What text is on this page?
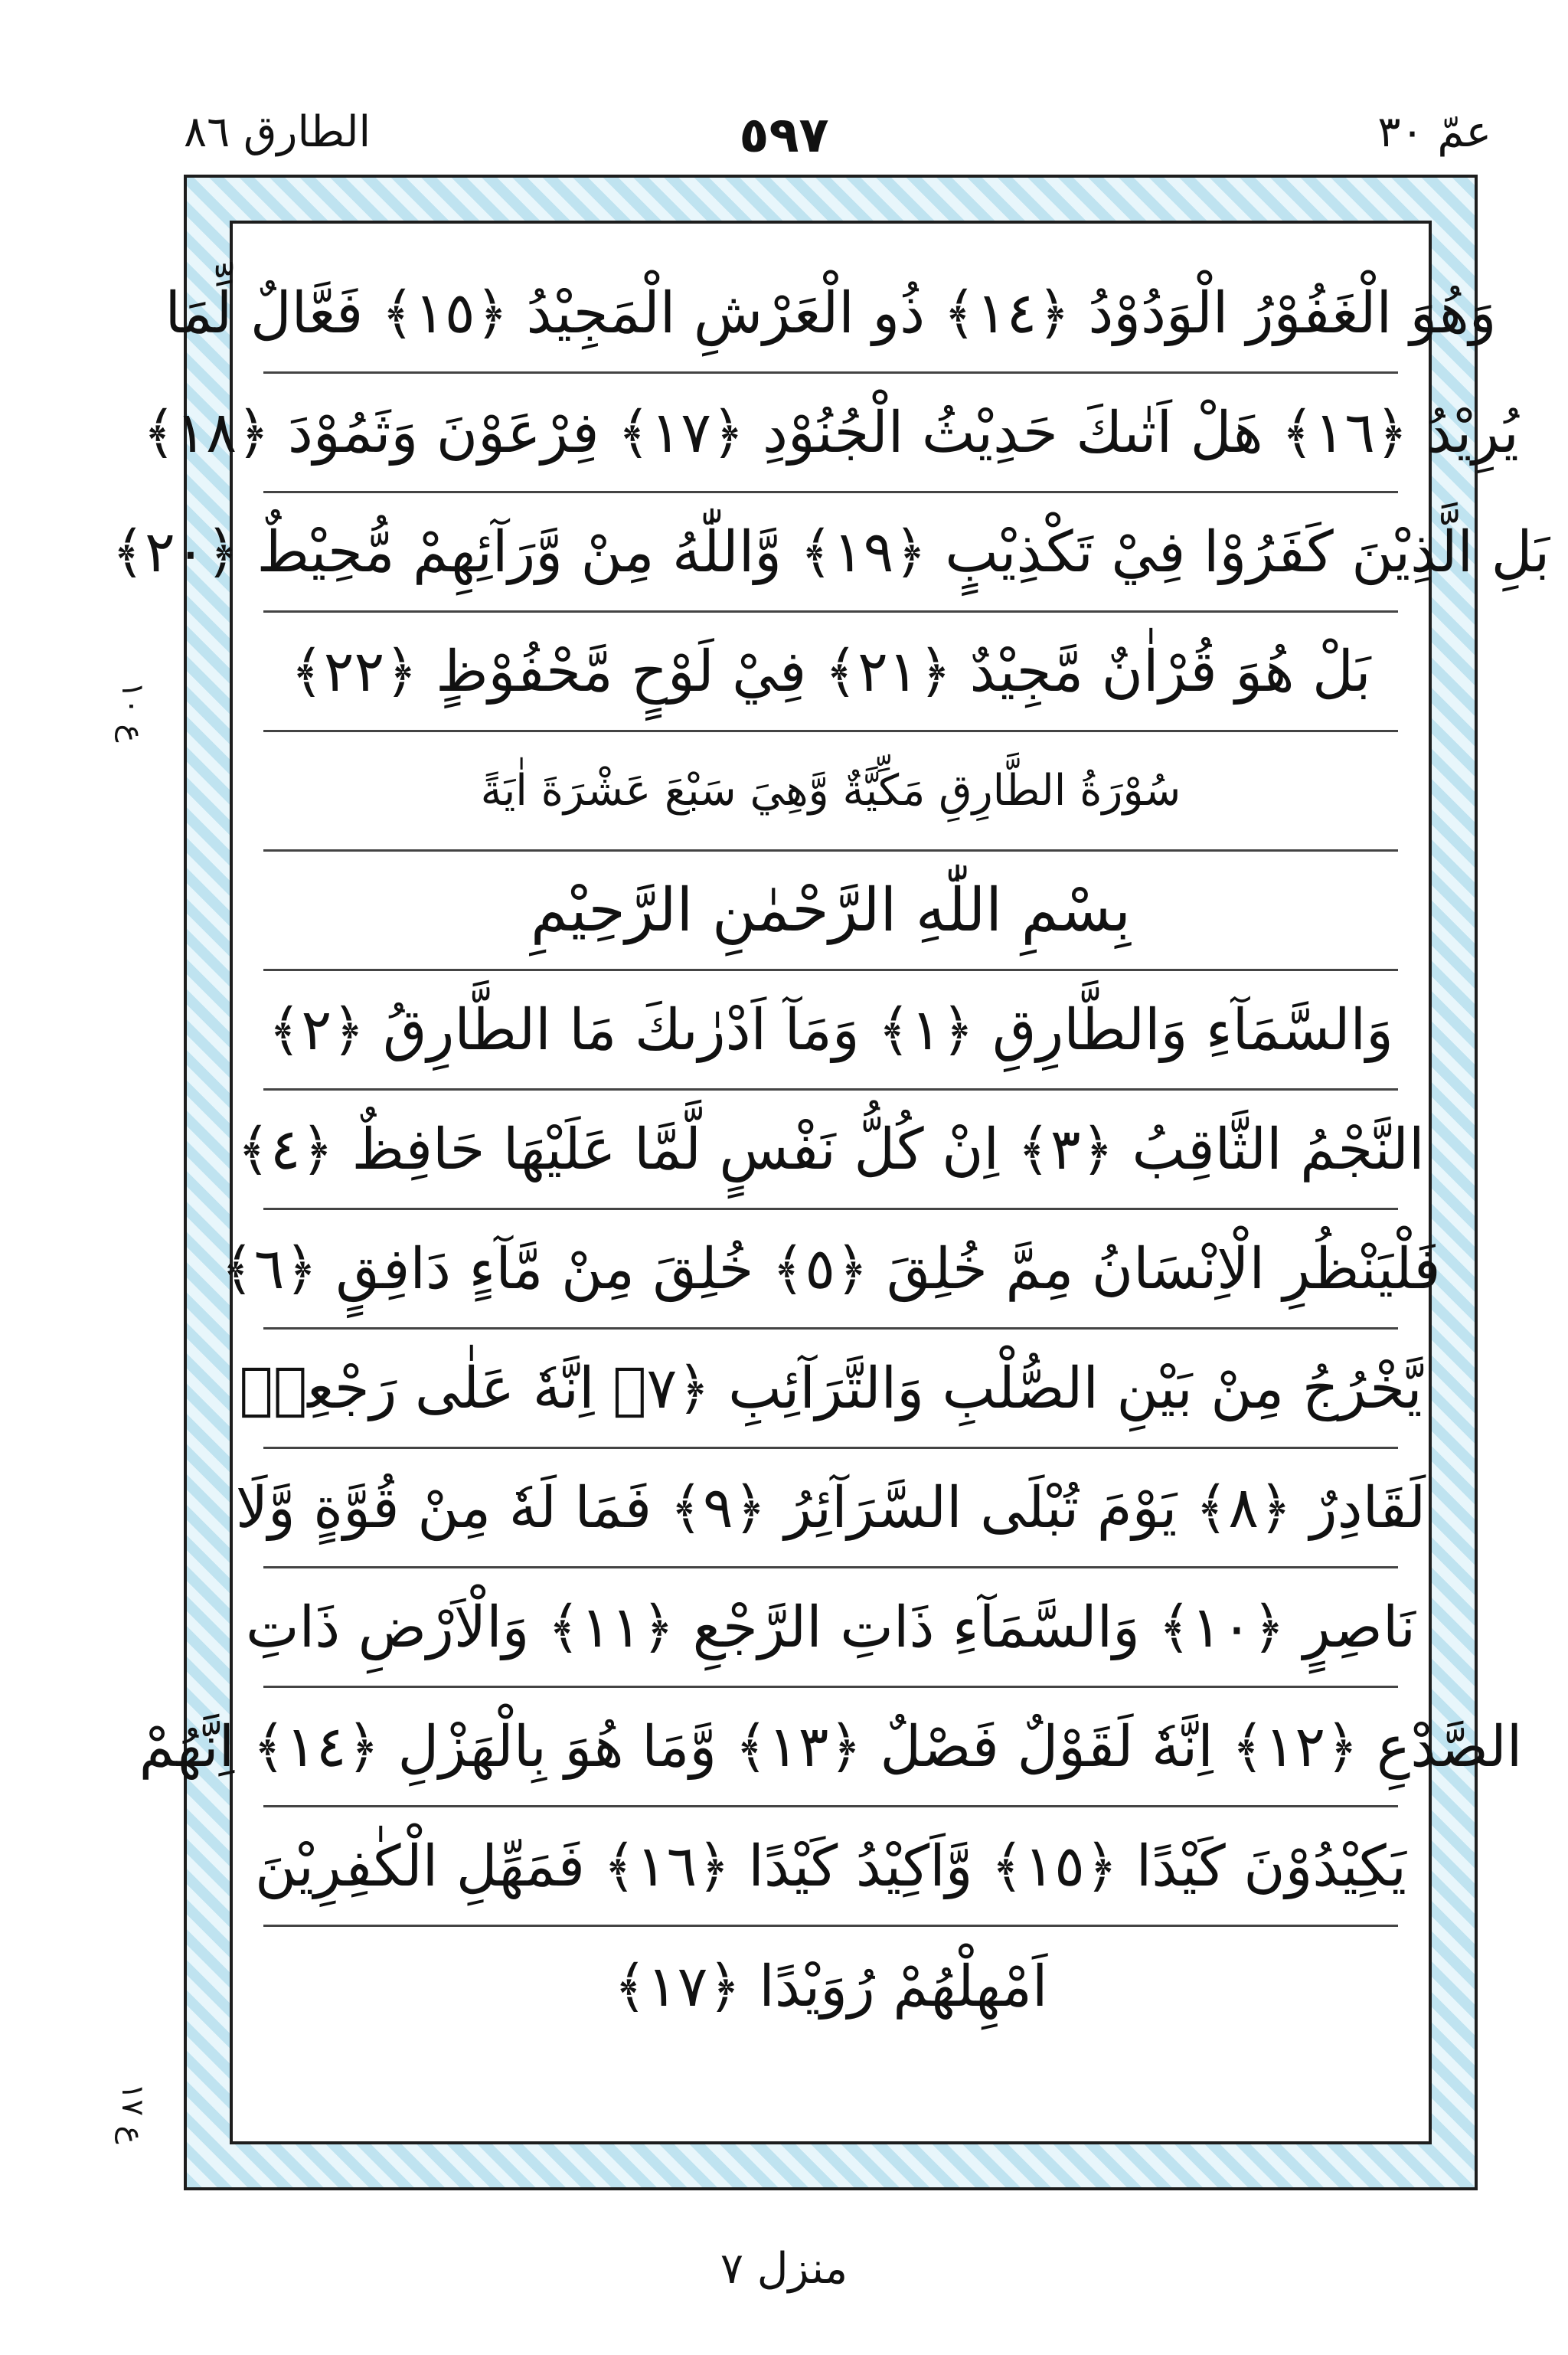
الطارق ٨٦	٥٩٧	عمّ ٣٠
ع ١٠
ع ١٧
وَهُوَ الْغَفُوْرُ الْوَدُوْدُ ﴿١٤﴾ ذُو الْعَرْشِ الْمَجِيْدُ ﴿١٥﴾ فَعَّالٌ لِّمَا
يُرِيْدُ ﴿١٦﴾ هَلْ اَتٰىكَ حَدِيْثُ الْجُنُوْدِ ﴿١٧﴾ فِرْعَوْنَ وَثَمُوْدَ ﴿١٨﴾
بَلِ الَّذِيْنَ كَفَرُوْا فِيْ تَكْذِيْبٍ ﴿١٩﴾ وَّاللّٰهُ مِنْ وَّرَآئِهِمْ مُّحِيْطٌ ﴿٢٠﴾
بَلْ هُوَ قُرْاٰنٌ مَّجِيْدٌ ﴿٢١﴾ فِيْ لَوْحٍ مَّحْفُوْظٍ ﴿٢٢﴾
سُوْرَةُ الطَّارِقِ مَكِّيَّةٌ وَّهِيَ سَبْعَ عَشْرَةَ اٰيَةً
بِسْمِ اللّٰهِ الرَّحْمٰنِ الرَّحِيْمِ
وَالسَّمَآءِ وَالطَّارِقِ ﴿١﴾ وَمَآ اَدْرٰىكَ مَا الطَّارِقُ ﴿٢﴾
النَّجْمُ الثَّاقِبُ ﴿٣﴾ اِنْ كُلُّ نَفْسٍ لَّمَّا عَلَيْهَا حَافِظٌ ﴿٤﴾
فَلْيَنْظُرِ الْاِنْسَانُ مِمَّ خُلِقَ ﴿٥﴾ خُلِقَ مِنْ مَّآءٍ دَافِقٍ ﴿٦﴾
يَّخْرُجُ مِنْ بَيْنِ الصُّلْبِ وَالتَّرَآئِبِ ﴿٧﴾ اِنَّهٗ عَلٰى رَجْعِهٖ
لَقَادِرٌ ﴿٨﴾ يَوْمَ تُبْلَى السَّرَآئِرُ ﴿٩﴾ فَمَا لَهٗ مِنْ قُوَّةٍ وَّلَا
نَاصِرٍ ﴿١٠﴾ وَالسَّمَآءِ ذَاتِ الرَّجْعِ ﴿١١﴾ وَالْاَرْضِ ذَاتِ
الصَّدْعِ ﴿١٢﴾ اِنَّهٗ لَقَوْلٌ فَصْلٌ ﴿١٣﴾ وَّمَا هُوَ بِالْهَزْلِ ﴿١٤﴾ اِنَّهُمْ
يَكِيْدُوْنَ كَيْدًا ﴿١٥﴾ وَّاَكِيْدُ كَيْدًا ﴿١٦﴾ فَمَهِّلِ الْكٰفِرِيْنَ
اَمْهِلْهُمْ رُوَيْدًا ﴿١٧﴾
منزل ٧
